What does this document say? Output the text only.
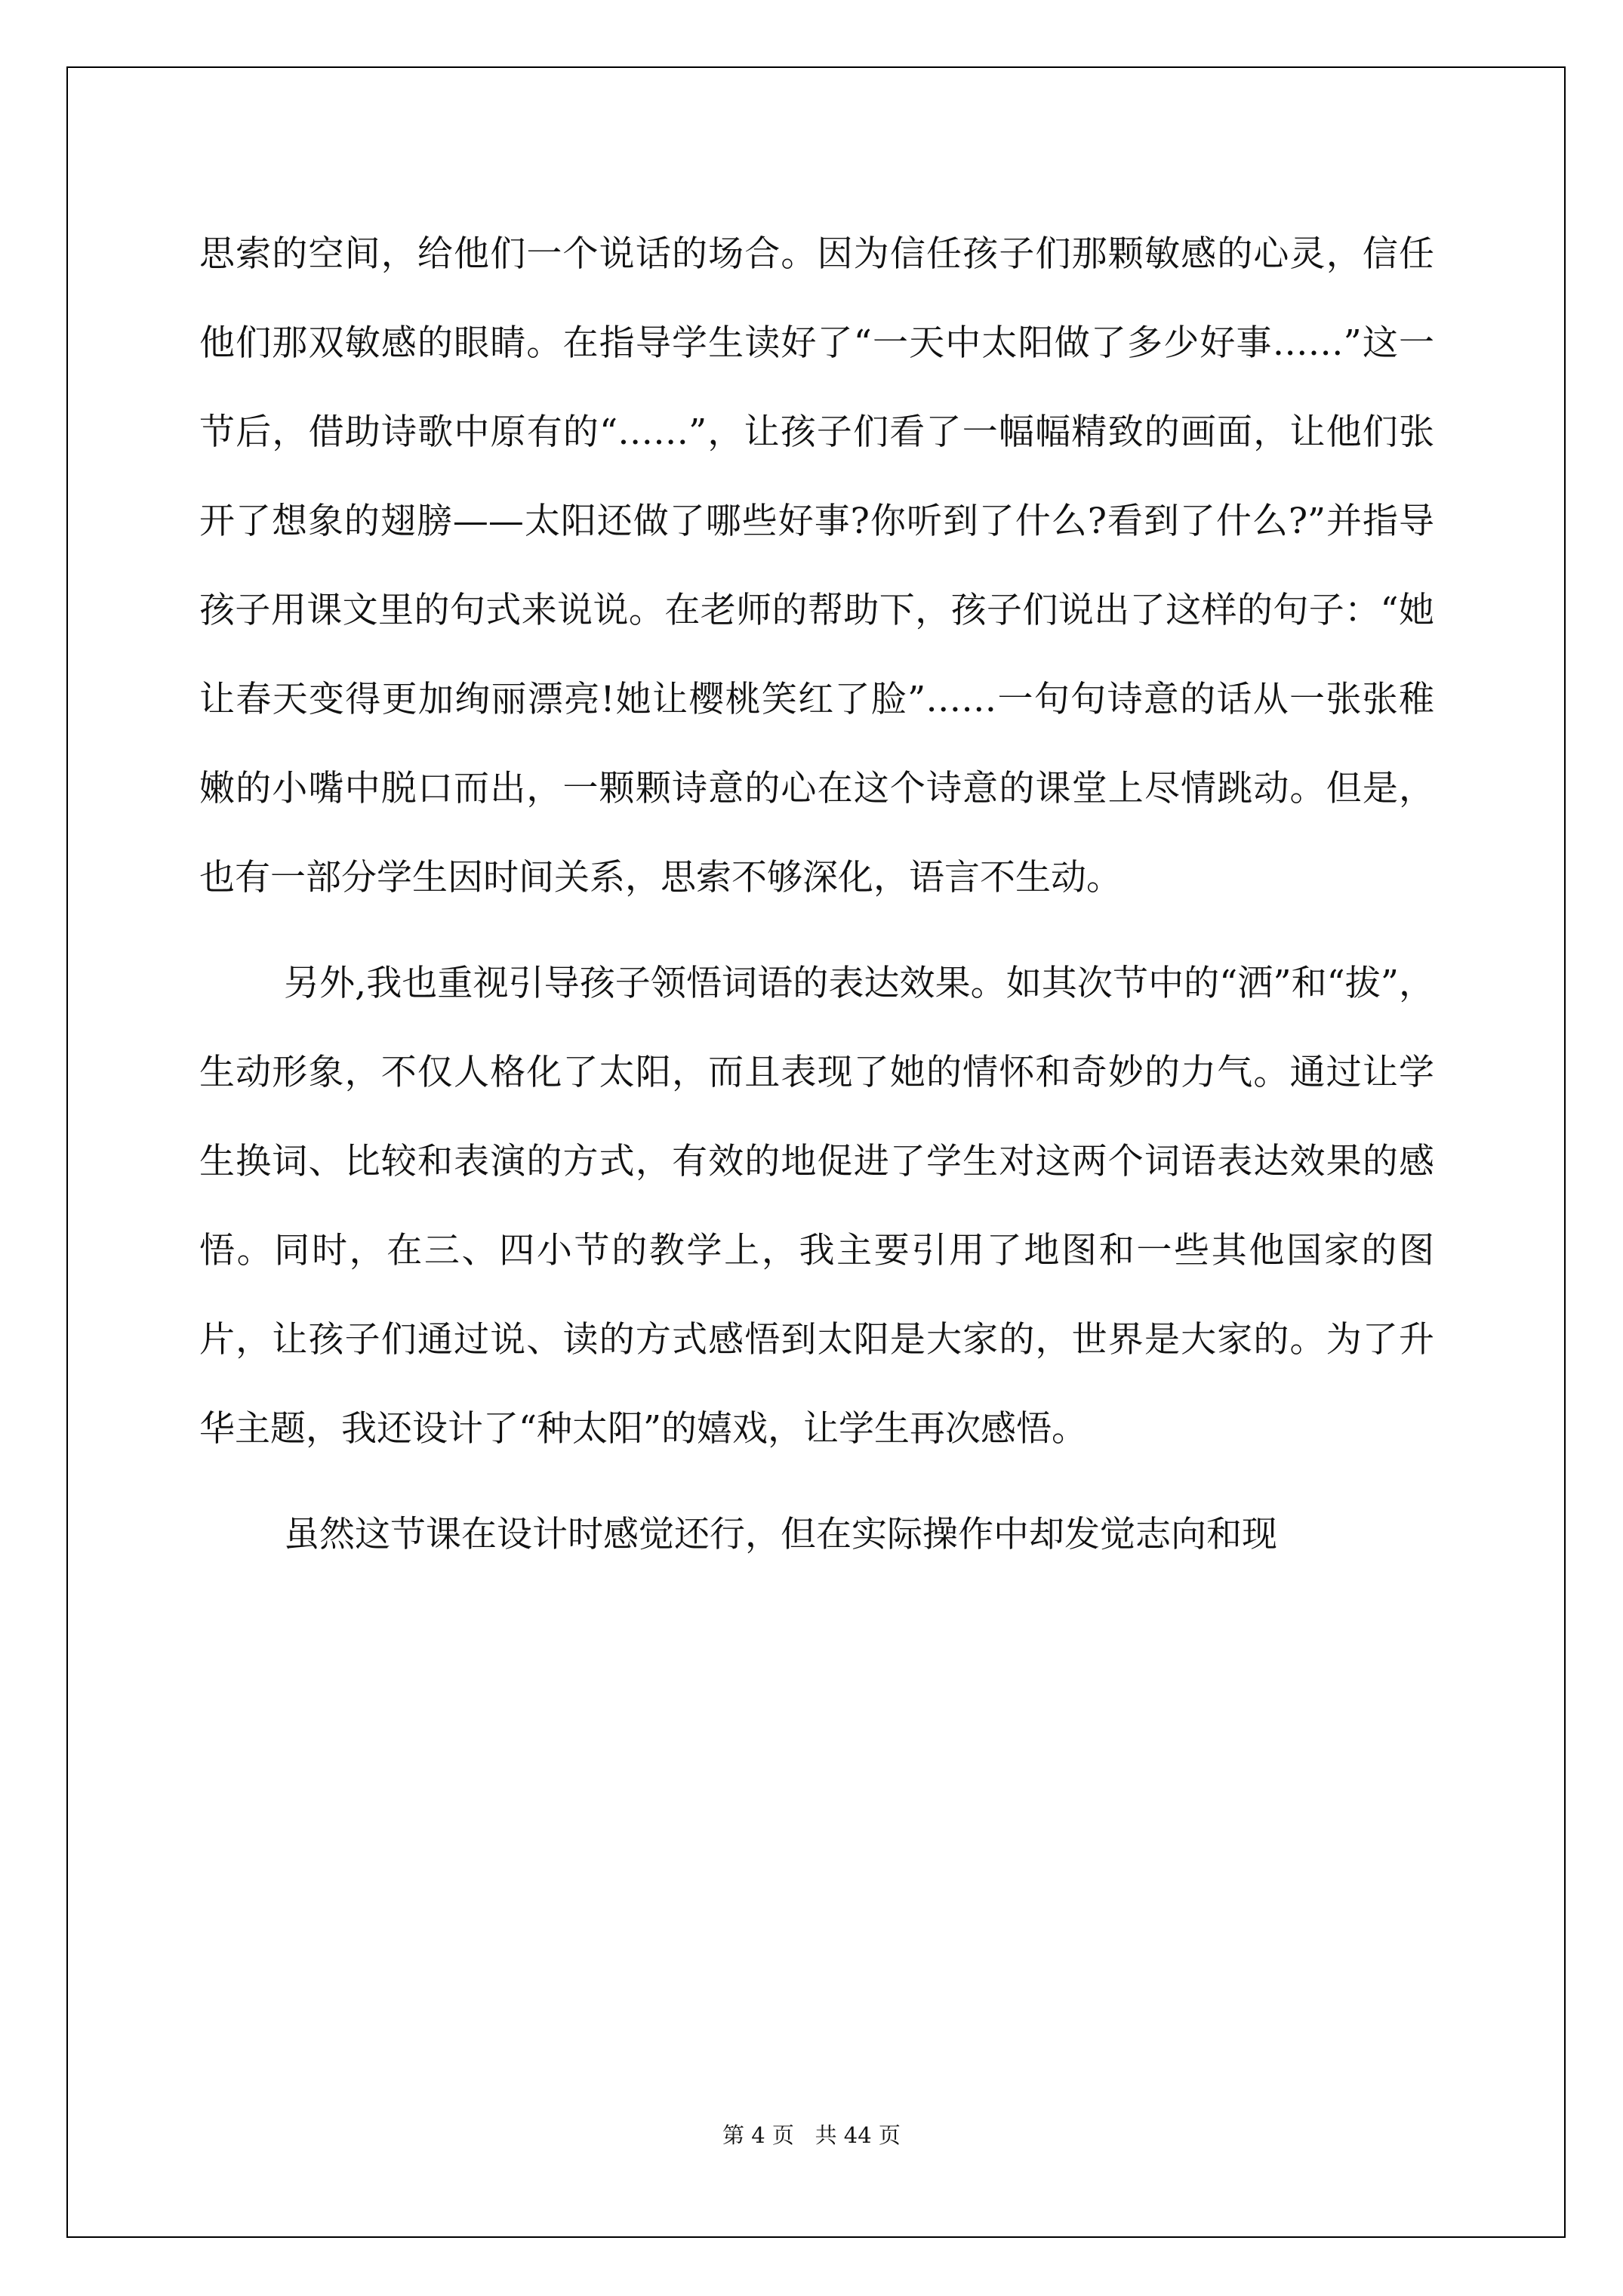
思索的空间，给他们一个说话的场合。因为信任孩子们那颗敏感的心灵，信任他们那双敏感的眼睛。在指导学生读好了“一天中太阳做了多少好事……”这一节后，借助诗歌中原有的“……”，让孩子们看了一幅幅精致的画面，让他们张开了想象的翅膀——太阳还做了哪些好事?你听到了什么?看到了什么?”并指导孩子用课文里的句式来说说。在老师的帮助下，孩子们说出了这样的句子：“她让春天变得更加绚丽漂亮!她让樱桃笑红了脸”……一句句诗意的话从一张张稚嫩的小嘴中脱口而出，一颗颗诗意的心在这个诗意的课堂上尽情跳动。但是，也有一部分学生因时间关系，思索不够深化，语言不生动。

另外,我也重视引导孩子领悟词语的表达效果。如其次节中的“洒”和“拔”，生动形象，不仅人格化了太阳，而且表现了她的情怀和奇妙的力气。通过让学生换词、比较和表演的方式，有效的地促进了学生对这两个词语表达效果的感悟。同时，在三、四小节的教学上，我主要引用了地图和一些其他国家的图片，让孩子们通过说、读的方式感悟到太阳是大家的，世界是大家的。为了升华主题，我还设计了“种太阳”的嬉戏，让学生再次感悟。

虽然这节课在设计时感觉还行，但在实际操作中却发觉志向和现

第 4 页 共 44 页
